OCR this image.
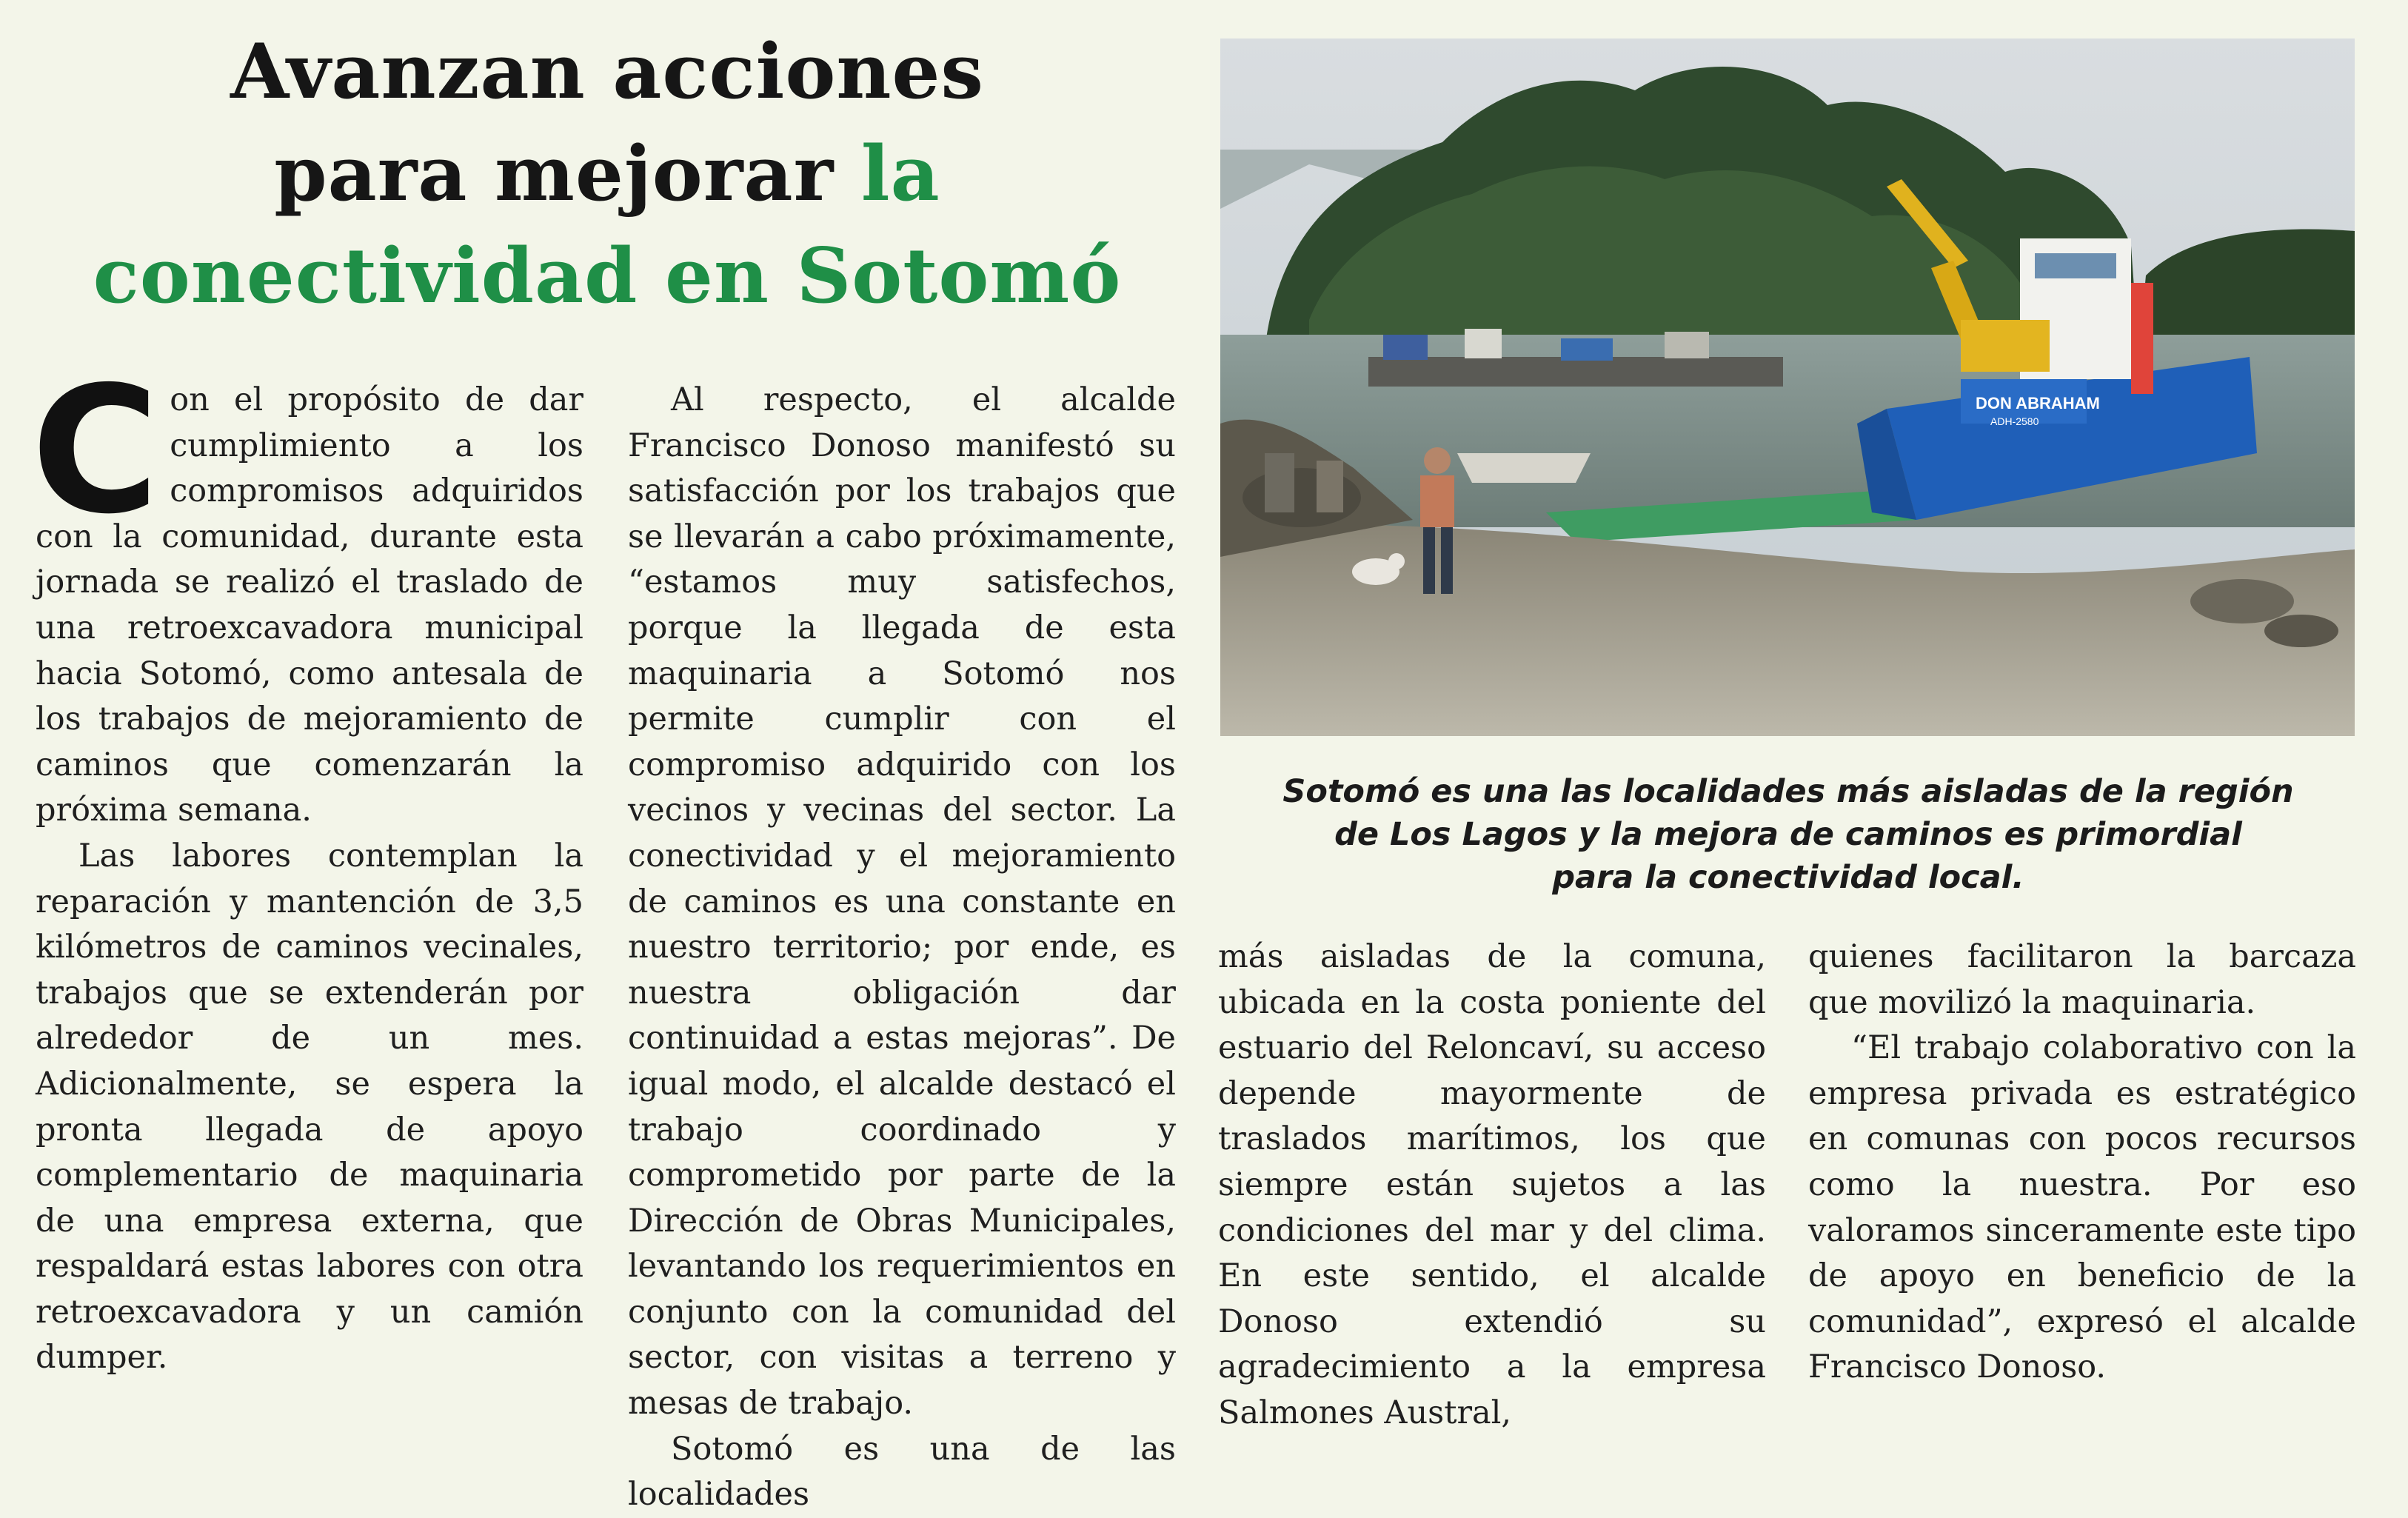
Avanzan acciones
para mejorar la
conectividad en Sotomó

Con el propósito de dar cumplimiento a los compromisos adquiridos con la comunidad, durante esta jornada se realizó el traslado de una retroexcavadora municipal hacia Sotomó, como antesala de los trabajos de mejoramiento de caminos que comenzarán la próxima semana.

Las labores contemplan la reparación y mantención de 3,5 kilómetros de caminos vecinales, trabajos que se extenderán por alrededor de un mes. Adicionalmente, se espera la pronta llegada de apoyo complementario de maquinaria de una empresa externa, que respaldará estas labores con otra retroexcavadora y un camión dumper.

Al respecto, el alcalde Francisco Donoso manifestó su satisfacción por los trabajos que se llevarán a cabo próximamente, “estamos muy satisfechos, porque la llegada de esta maquinaria a Sotomó nos permite cumplir con el compromiso adquirido con los vecinos y vecinas del sector. La conectividad y el mejoramiento de caminos es una constante en nuestro territorio; por ende, es nuestra obligación dar continuidad a estas mejoras”. De igual modo, el alcalde destacó el trabajo coordinado y comprometido por parte de la Dirección de Obras Municipales, levantando los requerimientos en conjunto con la comunidad del sector, con visitas a terreno y mesas de trabajo.

Sotomó es una de las localidades

DON ABRAHAM
ADH-2580
Sotomó es una las localidades más aisladas de la región
de Los Lagos y la mejora de caminos es primordial
para la conectividad local.

más aisladas de la comuna, ubicada en la costa poniente del estuario del Reloncaví, su acceso depende mayormente de traslados marítimos, los que siempre están sujetos a las condiciones del mar y del clima. En este sentido, el alcalde Donoso extendió su agradecimiento a la empresa Salmones Austral,

quienes facilitaron la barcaza que movilizó la maquinaria.

“El trabajo colaborativo con la empresa privada es estratégico en comunas con pocos recursos como la nuestra. Por eso valoramos sinceramente este tipo de apoyo en beneficio de la comunidad”, expresó el alcalde Francisco Donoso.
